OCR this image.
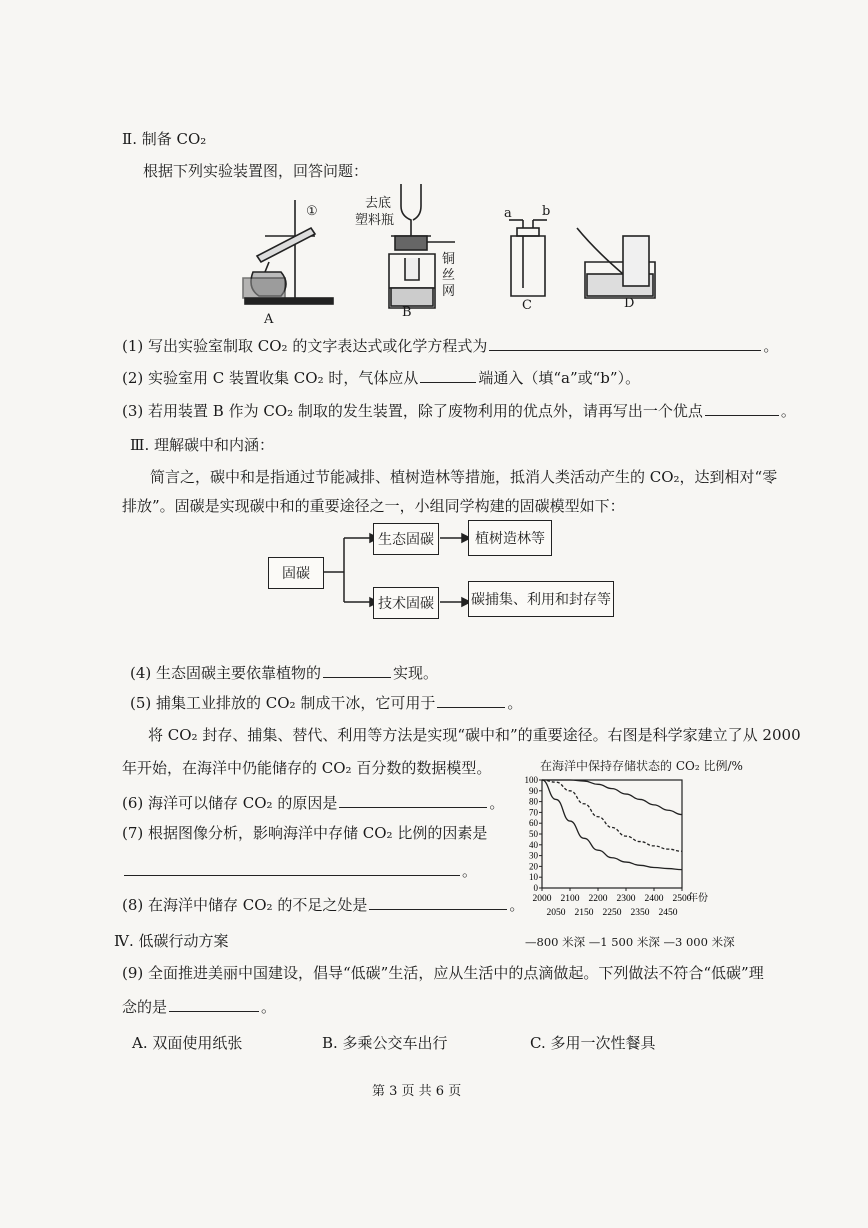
Ⅱ. 制备 CO₂
根据下列实验装置图，回答问题：
①
去底
塑料瓶
铜
丝
网
a b
A	B	C	D
(1) 写出实验室制取 CO₂ 的文字表达式或化学方程式为	。
(2) 实验室用 C 装置收集 CO₂ 时，气体应从	端通入（填“a”或“b”）。
(3) 若用装置 B 作为 CO₂ 制取的发生装置，除了废物利用的优点外，请再写出一个优点	。
Ⅲ. 理解碳中和内涵：
简言之，碳中和是指通过节能减排、植树造林等措施，抵消人类活动产生的 CO₂，达到相对“零
排放”。固碳是实现碳中和的重要途径之一，小组同学构建的固碳模型如下：
固碳
生态固碳	植树造林等
技术固碳	碳捕集、利用和封存等
(4) 生态固碳主要依靠植物的	实现。
(5) 捕集工业排放的 CO₂ 制成干冰，它可用于	。
将 CO₂ 封存、捕集、替代、利用等方法是实现“碳中和”的重要途径。右图是科学家建立了从 2000
年开始，在海洋中仍能储存的 CO₂ 百分数的数据模型。
(6) 海洋可以储存 CO₂ 的原因是	。
(7) 根据图像分析，影响海洋中存储 CO₂ 比例的因素是
。
(8) 在海洋中储存 CO₂ 的不足之处是	。
在海洋中保持存储状态的 CO₂ 比例/%
100
90
80
70
60
50
40
30
20
10
0
2000 2100 2200 2300 2400 2500
2050 2150 2250 2350 2450
年份
—800 米深 —1 500 米深 —3 000 米深
Ⅳ. 低碳行动方案
(9) 全面推进美丽中国建设，倡导“低碳”生活，应从生活中的点滴做起。下列做法不符合“低碳”理
念的是	。
A. 双面使用纸张	B. 多乘公交车出行	C. 多用一次性餐具
第 3 页 共 6 页
